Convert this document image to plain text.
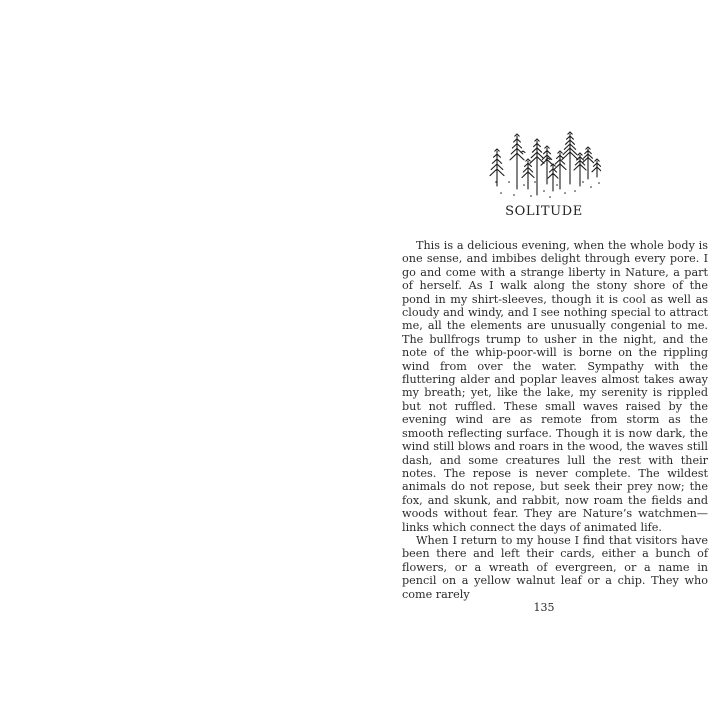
SOLITUDE

This is a delicious evening, when the whole body is one sense, and imbibes delight through every pore. I go and come with a strange liberty in Nature, a part of herself. As I walk along the stony shore of the pond in my shirt-sleeves, though it is cool as well as cloudy and windy, and I see nothing special to attract me, all the elements are unusually congenial to me. The bullfrogs trump to usher in the night, and the note of the whip-poor-will is borne on the rippling wind from over the water. Sympathy with the fluttering alder and poplar leaves almost takes away my breath; yet, like the lake, my serenity is rippled but not ruffled. These small waves raised by the evening wind are as remote from storm as the smooth reflecting surface. Though it is now dark, the wind still blows and roars in the wood, the waves still dash, and some creatures lull the rest with their notes. The repose is never complete. The wildest animals do not repose, but seek their prey now; the fox, and skunk, and rabbit, now roam the fields and woods without fear. They are Nature’s watchmen—links which connect the days of animated life.

When I return to my house I find that visitors have been there and left their cards, either a bunch of flowers, or a wreath of evergreen, or a name in pencil on a yellow walnut leaf or a chip. They who come rarely

135
